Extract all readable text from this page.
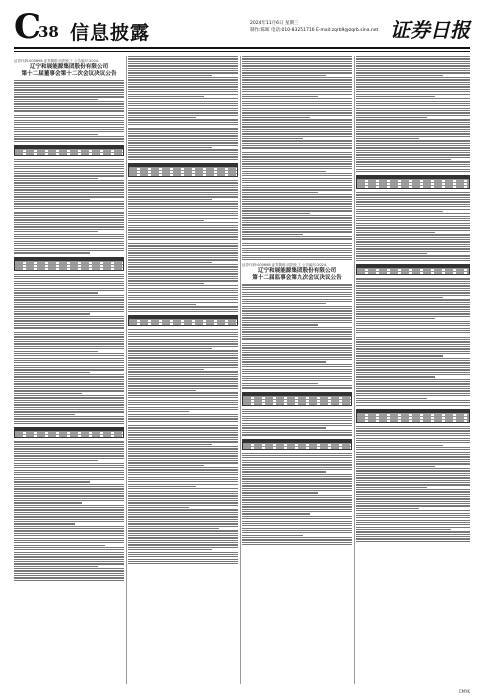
C
38 信息披露	2024年11月6日 星期三
制作:陈晖 电话:010-83251716 E-mail:zqrb9@zqrb.sina.net 证券日报
证券代码:000698 证券简称:沈阳化工 公告编号:2024-
辽宁和展能源集团股份有限公司
第十二届董事会第十二次会议决议公告
证券代码:000698 证券简称:沈阳化工 公告编号:2024-
辽宁和展能源集团股份有限公司
第十二届监事会第九次会议决议公告
CMYK
